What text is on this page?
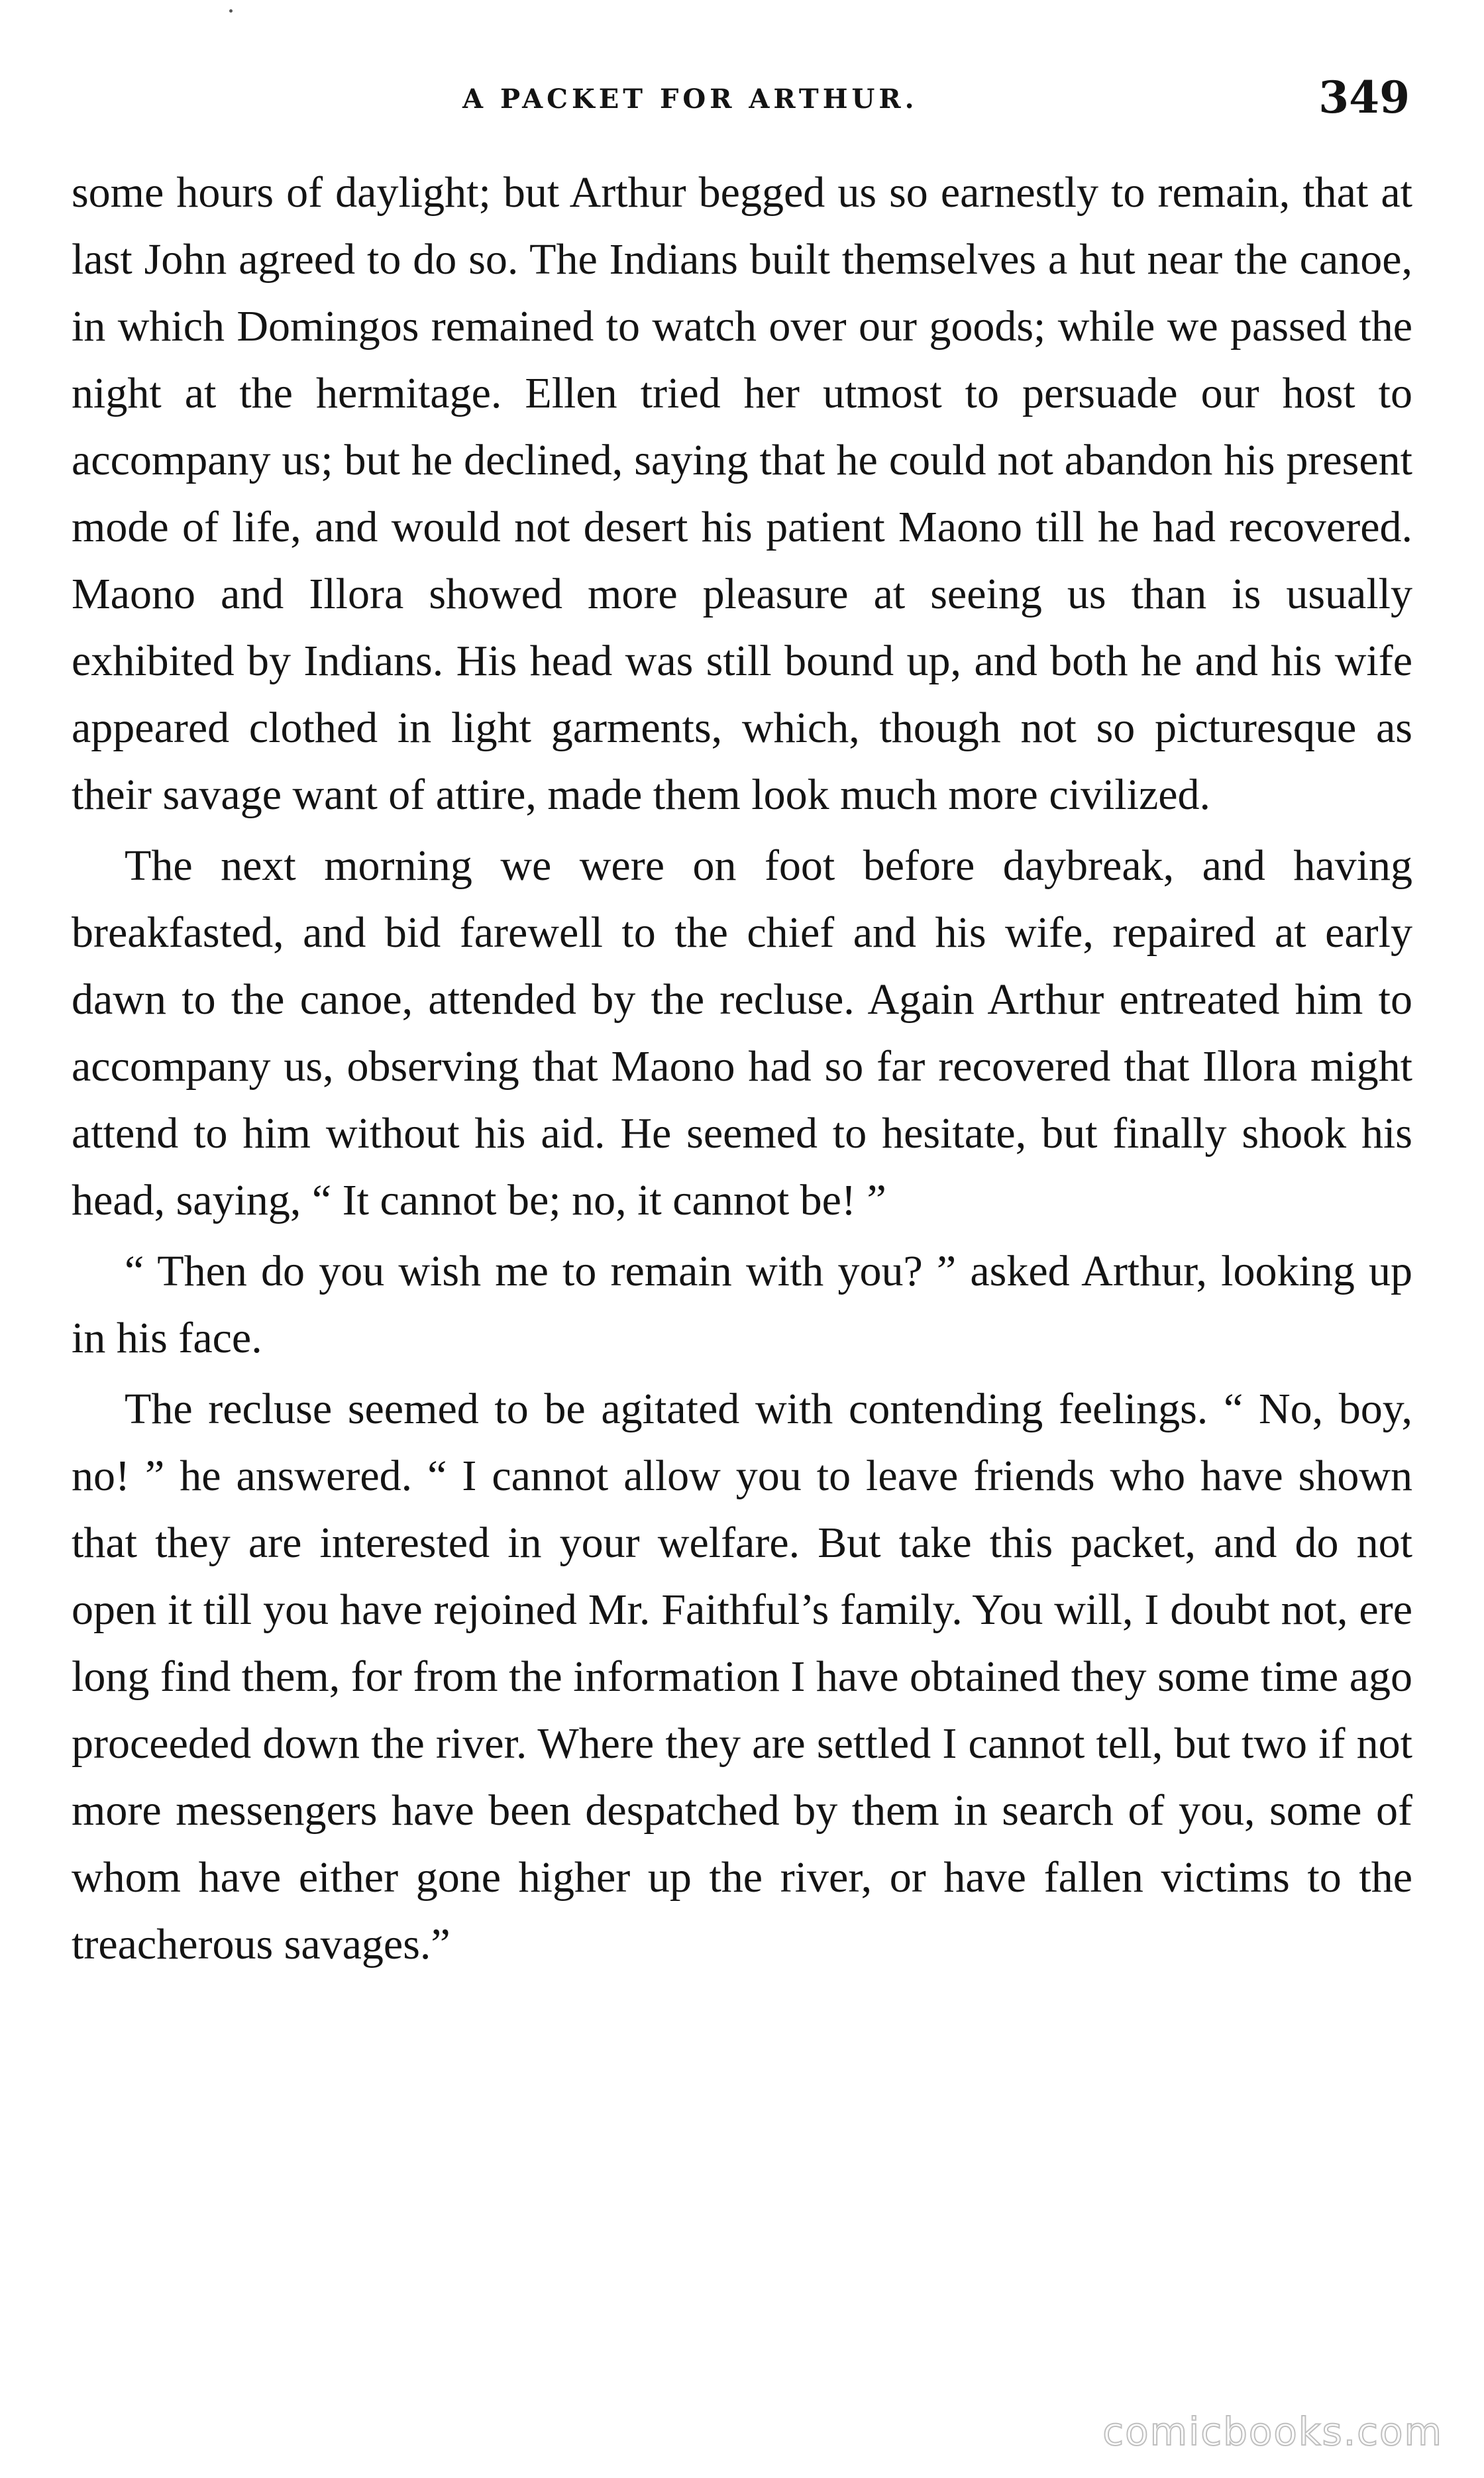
A PACKET FOR ARTHUR.	349

some hours of daylight; but Arthur begged us so earnestly to remain, that at last John agreed to do so. The Indians built themselves a hut near the canoe, in which Domingos remained to watch over our goods; while we passed the night at the hermitage. Ellen tried her utmost to persuade our host to accompany us; but he declined, saying that he could not abandon his present mode of life, and would not desert his patient Maono till he had recovered. Maono and Illora showed more pleasure at seeing us than is usually exhibited by Indians. His head was still bound up, and both he and his wife appeared clothed in light garments, which, though not so picturesque as their savage want of attire, made them look much more civilized.

The next morning we were on foot before daybreak, and having breakfasted, and bid farewell to the chief and his wife, repaired at early dawn to the canoe, attended by the recluse. Again Arthur entreated him to accompany us, observing that Maono had so far recovered that Illora might attend to him without his aid. He seemed to hesitate, but finally shook his head, saying, “ It cannot be; no, it cannot be! ”

“ Then do you wish me to remain with you? ” asked Arthur, looking up in his face.

The recluse seemed to be agitated with contending feelings. “ No, boy, no! ” he answered. “ I cannot allow you to leave friends who have shown that they are interested in your welfare. But take this packet, and do not open it till you have rejoined Mr. Faithful’s family. You will, I doubt not, ere long find them, for from the information I have obtained they some time ago proceeded down the river. Where they are settled I cannot tell, but two if not more messengers have been despatched by them in search of you, some of whom have either gone higher up the river, or have fallen victims to the treacherous savages.”

comicbooks.com
